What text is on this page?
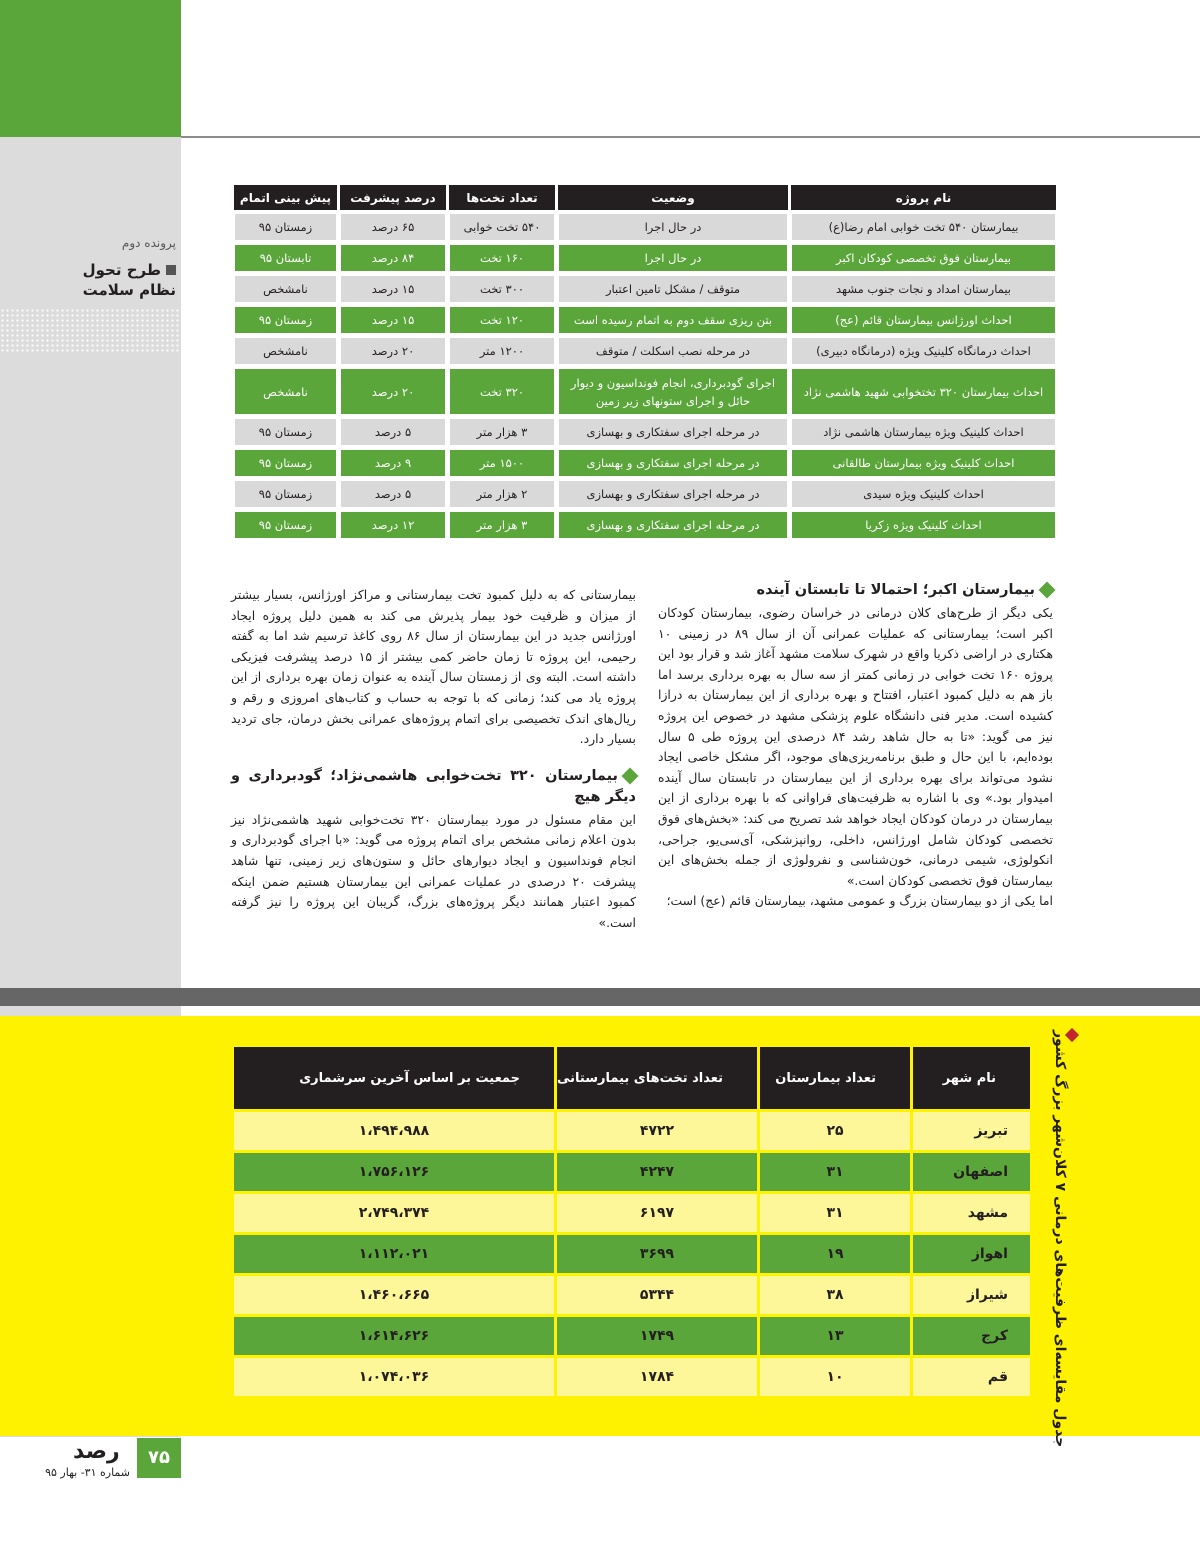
پرونده دوم
طرح تحول
نظام سلامت
نام پروژه	وضعیت	تعداد تخت‌ها	درصد پیشرفت	پیش بینی اتمام
بیمارستان ۵۴۰ تخت خوابی امام رضا(ع)	در حال اجرا	۵۴۰ تخت خوابی	۶۵ درصد	زمستان ۹۵
بیمارستان فوق تخصصی کودکان اکبر	در حال اجرا	۱۶۰ تخت	۸۴ درصد	تابستان ۹۵
بیمارستان امداد و نجات جنوب مشهد	متوقف / مشکل تامین اعتبار	۳۰۰ تخت	۱۵ درصد	نامشخص
احداث اورژانس بیمارستان قائم (عج)	بتن ریزی سقف دوم به اتمام رسیده است	۱۲۰ تخت	۱۵ درصد	زمستان ۹۵
احداث درمانگاه کلینیک ویژه (درمانگاه دبیری)	در مرحله نصب اسکلت / متوقف	۱۲۰۰ متر	۲۰ درصد	نامشخص
احداث بیمارستان ۳۲۰ تختخوابی شهید هاشمی نژاد	اجرای گودبرداری، انجام فونداسیون و دیوار حائل و اجرای ستونهای زیر زمین	۳۲۰ تخت	۲۰ درصد	نامشخص
احداث کلینیک ویژه بیمارستان هاشمی نژاد	در مرحله اجرای سفتکاری و بهسازی	۳ هزار متر	۵ درصد	زمستان ۹۵
احداث کلینیک ویژه بیمارستان طالقانی	در مرحله اجرای سفتکاری و بهسازی	۱۵۰۰ متر	۹ درصد	زمستان ۹۵
احداث کلینیک ویژه سیدی	در مرحله اجرای سفتکاری و بهسازی	۲ هزار متر	۵ درصد	زمستان ۹۵
احداث کلینیک ویژه زکریا	در مرحله اجرای سفتکاری و بهسازی	۳ هزار متر	۱۲ درصد	زمستان ۹۵
بیمارستان اکبر؛ احتمالا تا تابستان آینده

یکی دیگر از طرح‌های کلان درمانی در خراسان رضوی، بیمارستان کودکان اکبر است؛ بیمارستانی که عملیات عمرانی آن از سال ۸۹ در زمینی ۱۰ هکتاری در اراضی ذکریا واقع در شهرک سلامت مشهد آغاز شد و قرار بود این پروژه ۱۶۰ تخت خوابی در زمانی کمتر از سه سال به بهره برداری برسد اما باز هم به دلیل کمبود اعتبار، افتتاح و بهره برداری از این بیمارستان به درازا کشیده است. مدیر فنی دانشگاه علوم پزشکی مشهد در خصوص این پروژه نیز می گوید: «تا به حال شاهد رشد ۸۴ درصدی این پروژه طی ۵ سال بوده‌ایم، با این حال و طبق برنامه‌ریزی‌های موجود، اگر مشکل خاصی ایجاد نشود می‌تواند برای بهره برداری از این بیمارستان در تابستان سال آینده امیدوار بود.» وی با اشاره به ظرفیت‌های فراوانی که با بهره برداری از این بیمارستان در درمان کودکان ایجاد خواهد شد تصریح می کند: «بخش‌های فوق تخصصی کودکان شامل اورژانس، داخلی، روانپزشکی، آی‌سی‌یو، جراحی، انکولوژی، شیمی درمانی، خون‌شناسی و نفرولوژی از جمله بخش‌های این بیمارستان فوق تخصصی کودکان است.»

اما یکی از دو بیمارستان بزرگ و عمومی مشهد، بیمارستان قائم (عج) است؛

بیمارستانی که به دلیل کمبود تخت بیمارستانی و مراکز اورژانس، بسیار بیشتر از میزان و ظرفیت خود بیمار پذیرش می کند به همین دلیل پروژه ایجاد اورژانس جدید در این بیمارستان از سال ۸۶ روی کاغذ ترسیم شد اما به گفته رحیمی، این پروژه تا زمان حاضر کمی بیشتر از ۱۵ درصد پیشرفت فیزیکی داشته است. البته وی از زمستان سال آینده به عنوان زمان بهره برداری از این پروژه یاد می کند؛ زمانی که با توجه به حساب و کتاب‌های امروزی و رقم و ریال‌های اندک تخصیصی برای اتمام پروژه‌های عمرانی بخش درمان، جای تردید بسیار دارد.

بیمارستان ۳۲۰ تخت‌خوابی هاشمی‌نژاد؛ گودبرداری و دیگر هیچ

این مقام مسئول در مورد بیمارستان ۳۲۰ تخت‌خوابی شهید هاشمی‌نژاد نیز بدون اعلام زمانی مشخص برای اتمام پروژه می گوید: «با اجرای گودبرداری و انجام فونداسیون و ایجاد دیوارهای حائل و ستون‌های زیر زمینی، تنها شاهد پیشرفت ۲۰ درصدی در عملیات عمرانی این بیمارستان هستیم ضمن اینکه کمبود اعتبار همانند دیگر پروژه‌های بزرگ، گریبان این پروژه را نیز گرفته است.»

جدول مقایسه‌ای ظرفیت‌های درمانی ۷ کلان‌شهر بزرگ کشور
نام شهر	تعداد بیمارستان	تعداد تخت‌های بیمارستانی	جمعیت بر اساس آخرین سرشماری
تبریز	۲۵	۴۷۲۲	۱،۴۹۴،۹۸۸
اصفهان	۳۱	۴۲۴۷	۱،۷۵۶،۱۲۶
مشهد	۳۱	۶۱۹۷	۲،۷۴۹،۳۷۴
اهواز	۱۹	۳۶۹۹	۱،۱۱۲،۰۲۱
شیراز	۳۸	۵۳۴۴	۱،۴۶۰،۶۶۵
کرج	۱۳	۱۷۴۹	۱،۶۱۴،۶۲۶
قم	۱۰	۱۷۸۴	۱،۰۷۴،۰۳۶
۷۵
رصد
شماره ۳۱- بهار ۹۵
